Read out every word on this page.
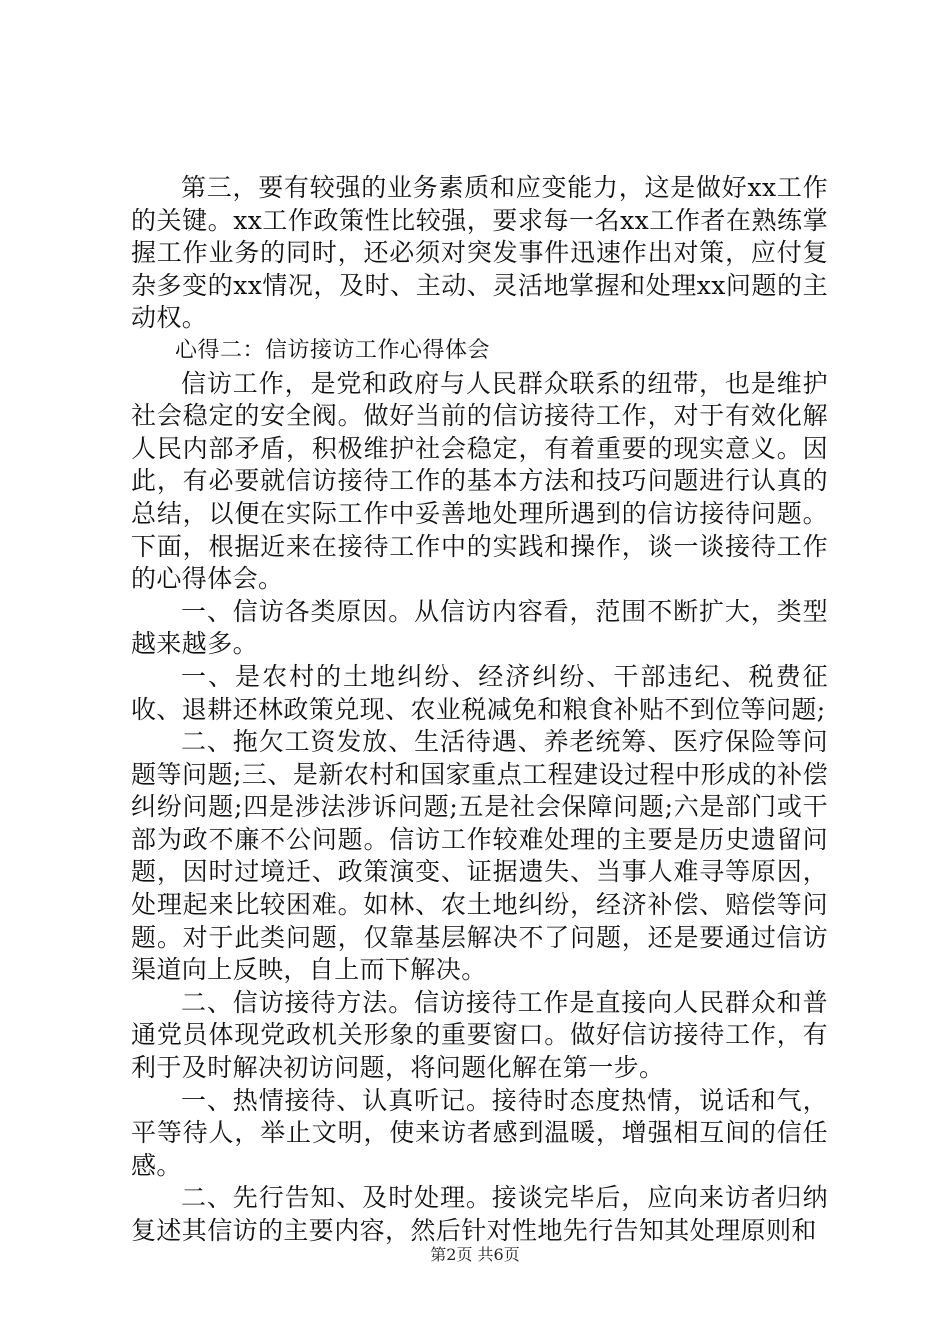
第三，要有较强的业务素质和应变能力，这是做好xx工作的关键。xx工作政策性比较强，要求每一名xx工作者在熟练掌握工作业务的同时，还必须对突发事件迅速作出对策，应付复杂多变的xx情况，及时、主动、灵活地掌握和处理xx问题的主动权。

心得二：信访接访工作心得体会

信访工作，是党和政府与人民群众联系的纽带，也是维护社会稳定的安全阀。做好当前的信访接待工作，对于有效化解人民内部矛盾，积极维护社会稳定，有着重要的现实意义。因此，有必要就信访接待工作的基本方法和技巧问题进行认真的总结，以便在实际工作中妥善地处理所遇到的信访接待问题。下面，根据近来在接待工作中的实践和操作，谈一谈接待工作的心得体会。

一、信访各类原因。从信访内容看，范围不断扩大，类型越来越多。

一、是农村的土地纠纷、经济纠纷、干部违纪、税费征收、退耕还林政策兑现、农业税减免和粮食补贴不到位等问题;

二、拖欠工资发放、生活待遇、养老统筹、医疗保险等问题等问题;三、是新农村和国家重点工程建设过程中形成的补偿纠纷问题;四是涉法涉诉问题;五是社会保障问题;六是部门或干部为政不廉不公问题。信访工作较难处理的主要是历史遗留问题，因时过境迁、政策演变、证据遗失、当事人难寻等原因，处理起来比较困难。如林、农土地纠纷，经济补偿、赔偿等问题。对于此类问题，仅靠基层解决不了问题，还是要通过信访渠道向上反映，自上而下解决。

二、信访接待方法。信访接待工作是直接向人民群众和普通党员体现党政机关形象的重要窗口。做好信访接待工作，有利于及时解决初访问题，将问题化解在第一步。

一、热情接待、认真听记。接待时态度热情，说话和气，平等待人，举止文明，使来访者感到温暖，增强相互间的信任感。

二、先行告知、及时处理。接谈完毕后，应向来访者归纳复述其信访的主要内容，然后针对性地先行告知其处理原则和

第2页 共6页
